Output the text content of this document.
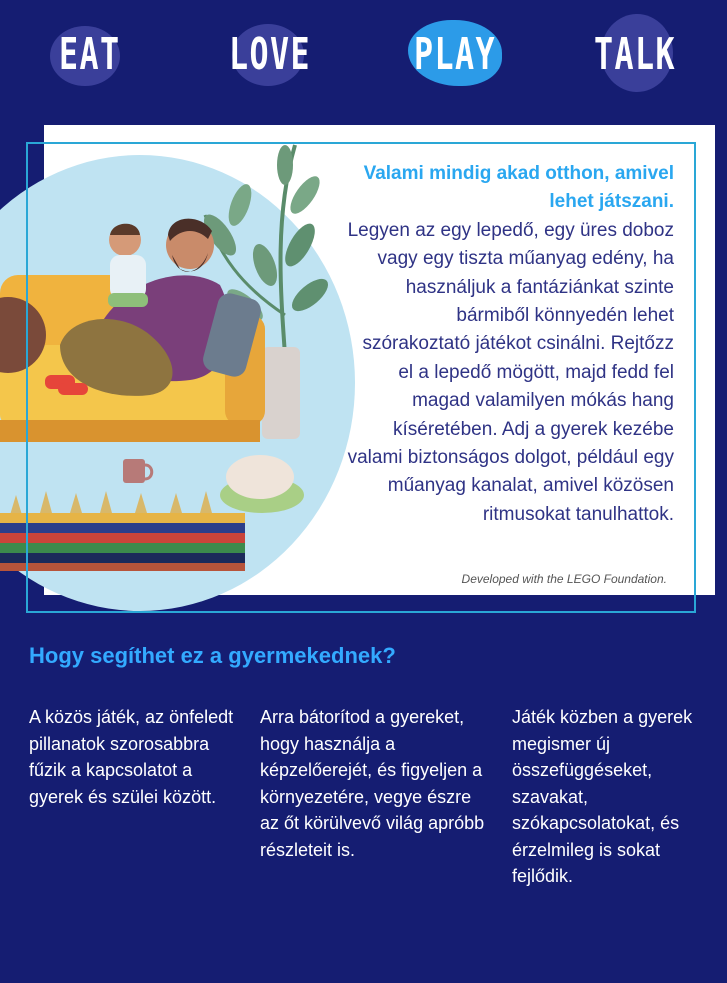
EAT LOVE PLAY TALK
Valami mindig akad otthon, amivel lehet játszani.
Legyen az egy lepedő, egy üres doboz vagy egy tiszta műanyag edény, ha használjuk a fantáziánkat szinte bármiből könnyedén lehet szórakoztató játékot csinálni. Rejtőzz el a lepedő mögött, majd fedd fel magad valamilyen mókás hang kíséretében. Adj a gyerek kezébe valami biztonságos dolgot, például egy műanyag kanalat, amivel közösen ritmusokat tanulhattok.
Developed with the LEGO Foundation.
Hogy segíthet ez a gyermekednek?
A közös játék, az önfeledt pillanatok szorosabbra fűzik a kapcsolatot a gyerek és szülei között.
Arra bátorítod a gyereket, hogy használja a képzelőerejét, és figyeljen a környezetére, vegye észre az őt körülvevő világ apróbb részleteit is.
Játék közben a gyerek megismer új összefüggéseket, szavakat, szókapcsolatokat, és érzelmileg is sokat fejlődik.
